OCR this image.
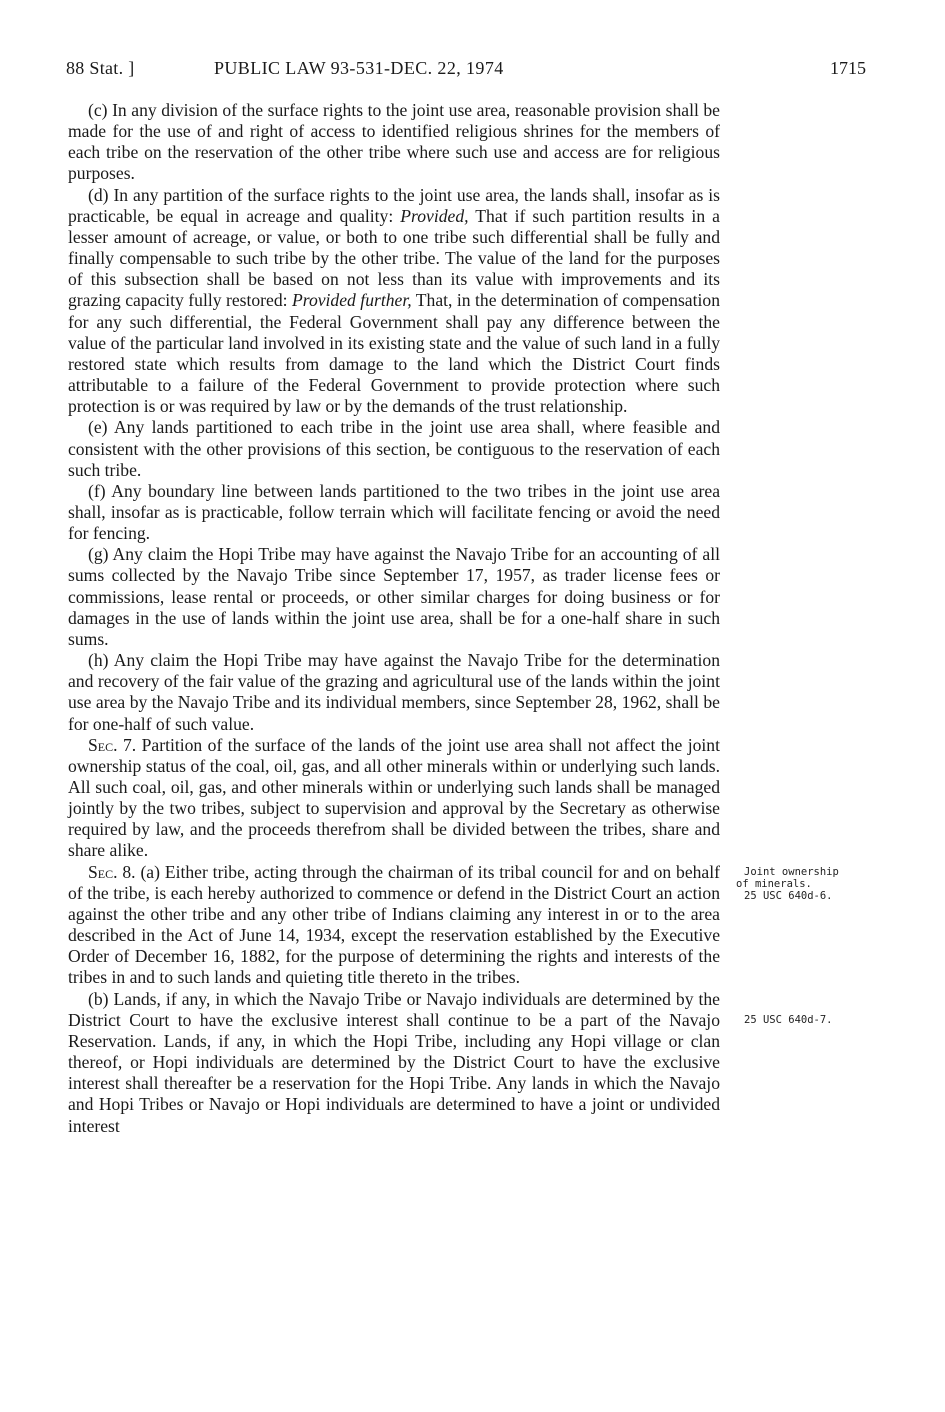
88 Stat. ]	PUBLIC LAW 93-531-DEC. 22, 1974	1715

(c) In any division of the surface rights to the joint use area, reasonable provision shall be made for the use of and right of access to identified religious shrines for the members of each tribe on the reservation of the other tribe where such use and access are for religious purposes.

(d) In any partition of the surface rights to the joint use area, the lands shall, insofar as is practicable, be equal in acreage and quality: Provided, That if such partition results in a lesser amount of acreage, or value, or both to one tribe such differential shall be fully and finally compensable to such tribe by the other tribe. The value of the land for the purposes of this subsection shall be based on not less than its value with improvements and its grazing capacity fully restored: Provided further, That, in the determination of compensation for any such differential, the Federal Government shall pay any difference between the value of the particular land involved in its existing state and the value of such land in a fully restored state which results from damage to the land which the District Court finds attributable to a failure of the Federal Government to provide protection where such protection is or was required by law or by the demands of the trust relationship.

(e) Any lands partitioned to each tribe in the joint use area shall, where feasible and consistent with the other provisions of this section, be contiguous to the reservation of each such tribe.

(f) Any boundary line between lands partitioned to the two tribes in the joint use area shall, insofar as is practicable, follow terrain which will facilitate fencing or avoid the need for fencing.

(g) Any claim the Hopi Tribe may have against the Navajo Tribe for an accounting of all sums collected by the Navajo Tribe since September 17, 1957, as trader license fees or commissions, lease rental or proceeds, or other similar charges for doing business or for damages in the use of lands within the joint use area, shall be for a one-half share in such sums.

(h) Any claim the Hopi Tribe may have against the Navajo Tribe for the determination and recovery of the fair value of the grazing and agricultural use of the lands within the joint use area by the Navajo Tribe and its individual members, since September 28, 1962, shall be for one-half of such value.

Sec. 7. Partition of the surface of the lands of the joint use area shall not affect the joint ownership status of the coal, oil, gas, and all other minerals within or underlying such lands. All such coal, oil, gas, and other minerals within or underlying such lands shall be managed jointly by the two tribes, subject to supervision and approval by the Secretary as otherwise required by law, and the proceeds therefrom shall be divided between the tribes, share and share alike.

Sec. 8. (a) Either tribe, acting through the chairman of its tribal council for and on behalf of the tribe, is each hereby authorized to commence or defend in the District Court an action against the other tribe and any other tribe of Indians claiming any interest in or to the area described in the Act of June 14, 1934, except the reservation established by the Executive Order of December 16, 1882, for the purpose of determining the rights and interests of the tribes in and to such lands and quieting title thereto in the tribes.

(b) Lands, if any, in which the Navajo Tribe or Navajo individuals are determined by the District Court to have the exclusive interest shall continue to be a part of the Navajo Reservation. Lands, if any, in which the Hopi Tribe, including any Hopi village or clan thereof, or Hopi individuals are determined by the District Court to have the exclusive interest shall thereafter be a reservation for the Hopi Tribe. Any lands in which the Navajo and Hopi Tribes or Navajo or Hopi individuals are determined to have a joint or undivided interest

Joint ownership
of minerals.
25 USC 640d-6.
25 USC 640d-7.
